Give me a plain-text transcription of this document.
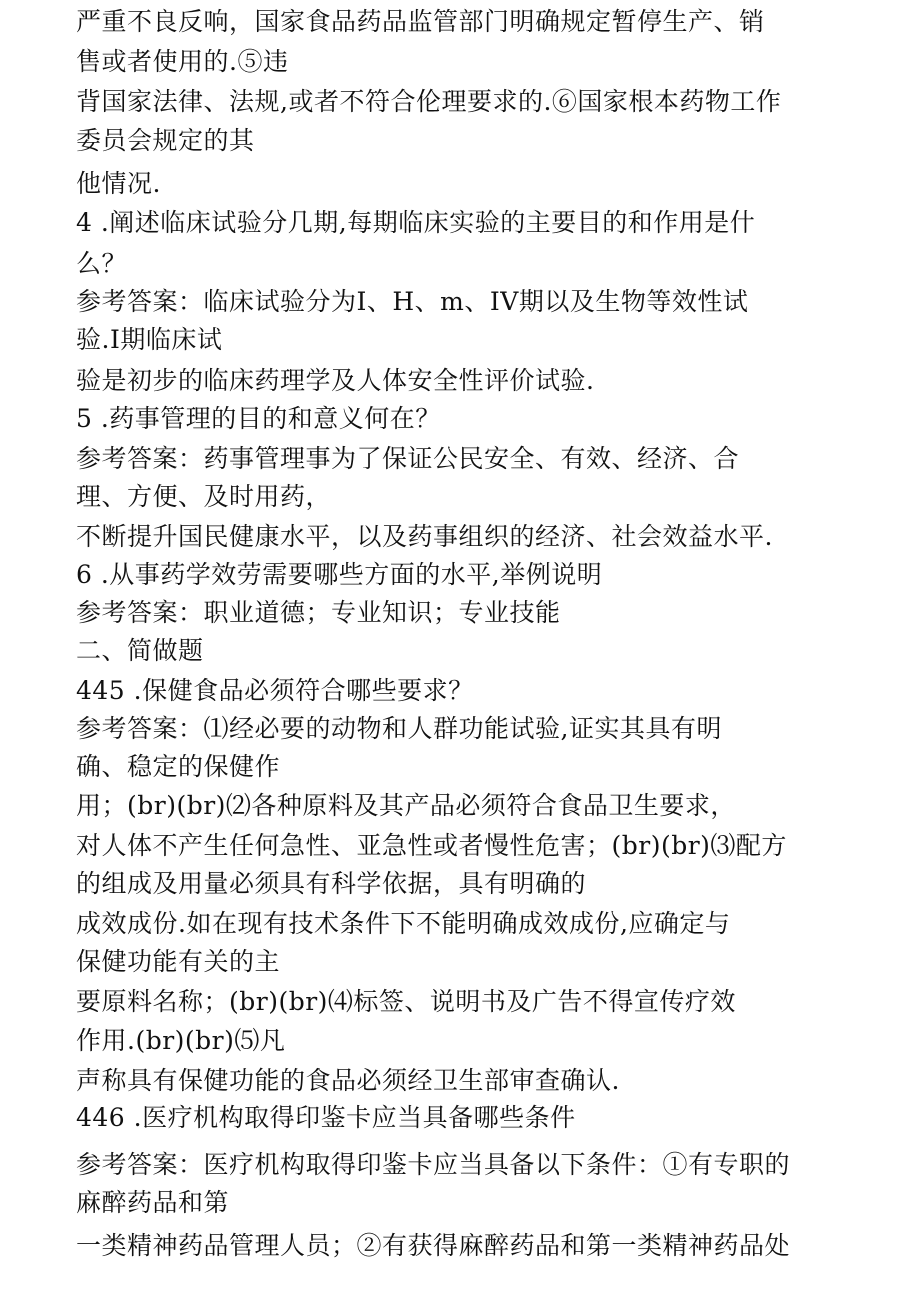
严重不良反响，国家食品药品监管部门明确规定暂停生产、销

售或者使用的.⑤违

背国家法律、法规,或者不符合伦理要求的.⑥国家根本药物工作

委员会规定的其

他情况.

4 .阐述临床试验分几期,每期临床实验的主要目的和作用是什

么？

参考答案：临床试验分为I、H、m、IV期以及生物等效性试

验.I期临床试

验是初步的临床药理学及人体安全性评价试验.

5 .药事管理的目的和意义何在？

参考答案：药事管理事为了保证公民安全、有效、经济、合

理、方便、及时用药，

不断提升国民健康水平，以及药事组织的经济、社会效益水平.

6 .从事药学效劳需要哪些方面的水平,举例说明

参考答案：职业道德；专业知识；专业技能

二、简做题

445 .保健食品必须符合哪些要求？

参考答案：⑴经必要的动物和人群功能试验,证实其具有明

确、稳定的保健作

用；(br)(br)⑵各种原料及其产品必须符合食品卫生要求，

对人体不产生任何急性、亚急性或者慢性危害；(br)(br)⑶配方

的组成及用量必须具有科学依据，具有明确的

成效成份.如在现有技术条件下不能明确成效成份,应确定与

保健功能有关的主

要原料名称；(br)(br)⑷标签、说明书及广告不得宣传疗效

作用.(br)(br)⑸凡

声称具有保健功能的食品必须经卫生部审查确认.

446 .医疗机构取得印鉴卡应当具备哪些条件

参考答案：医疗机构取得印鉴卡应当具备以下条件：①有专职的

麻醉药品和第

一类精神药品管理人员；②有获得麻醉药品和第一类精神药品处
